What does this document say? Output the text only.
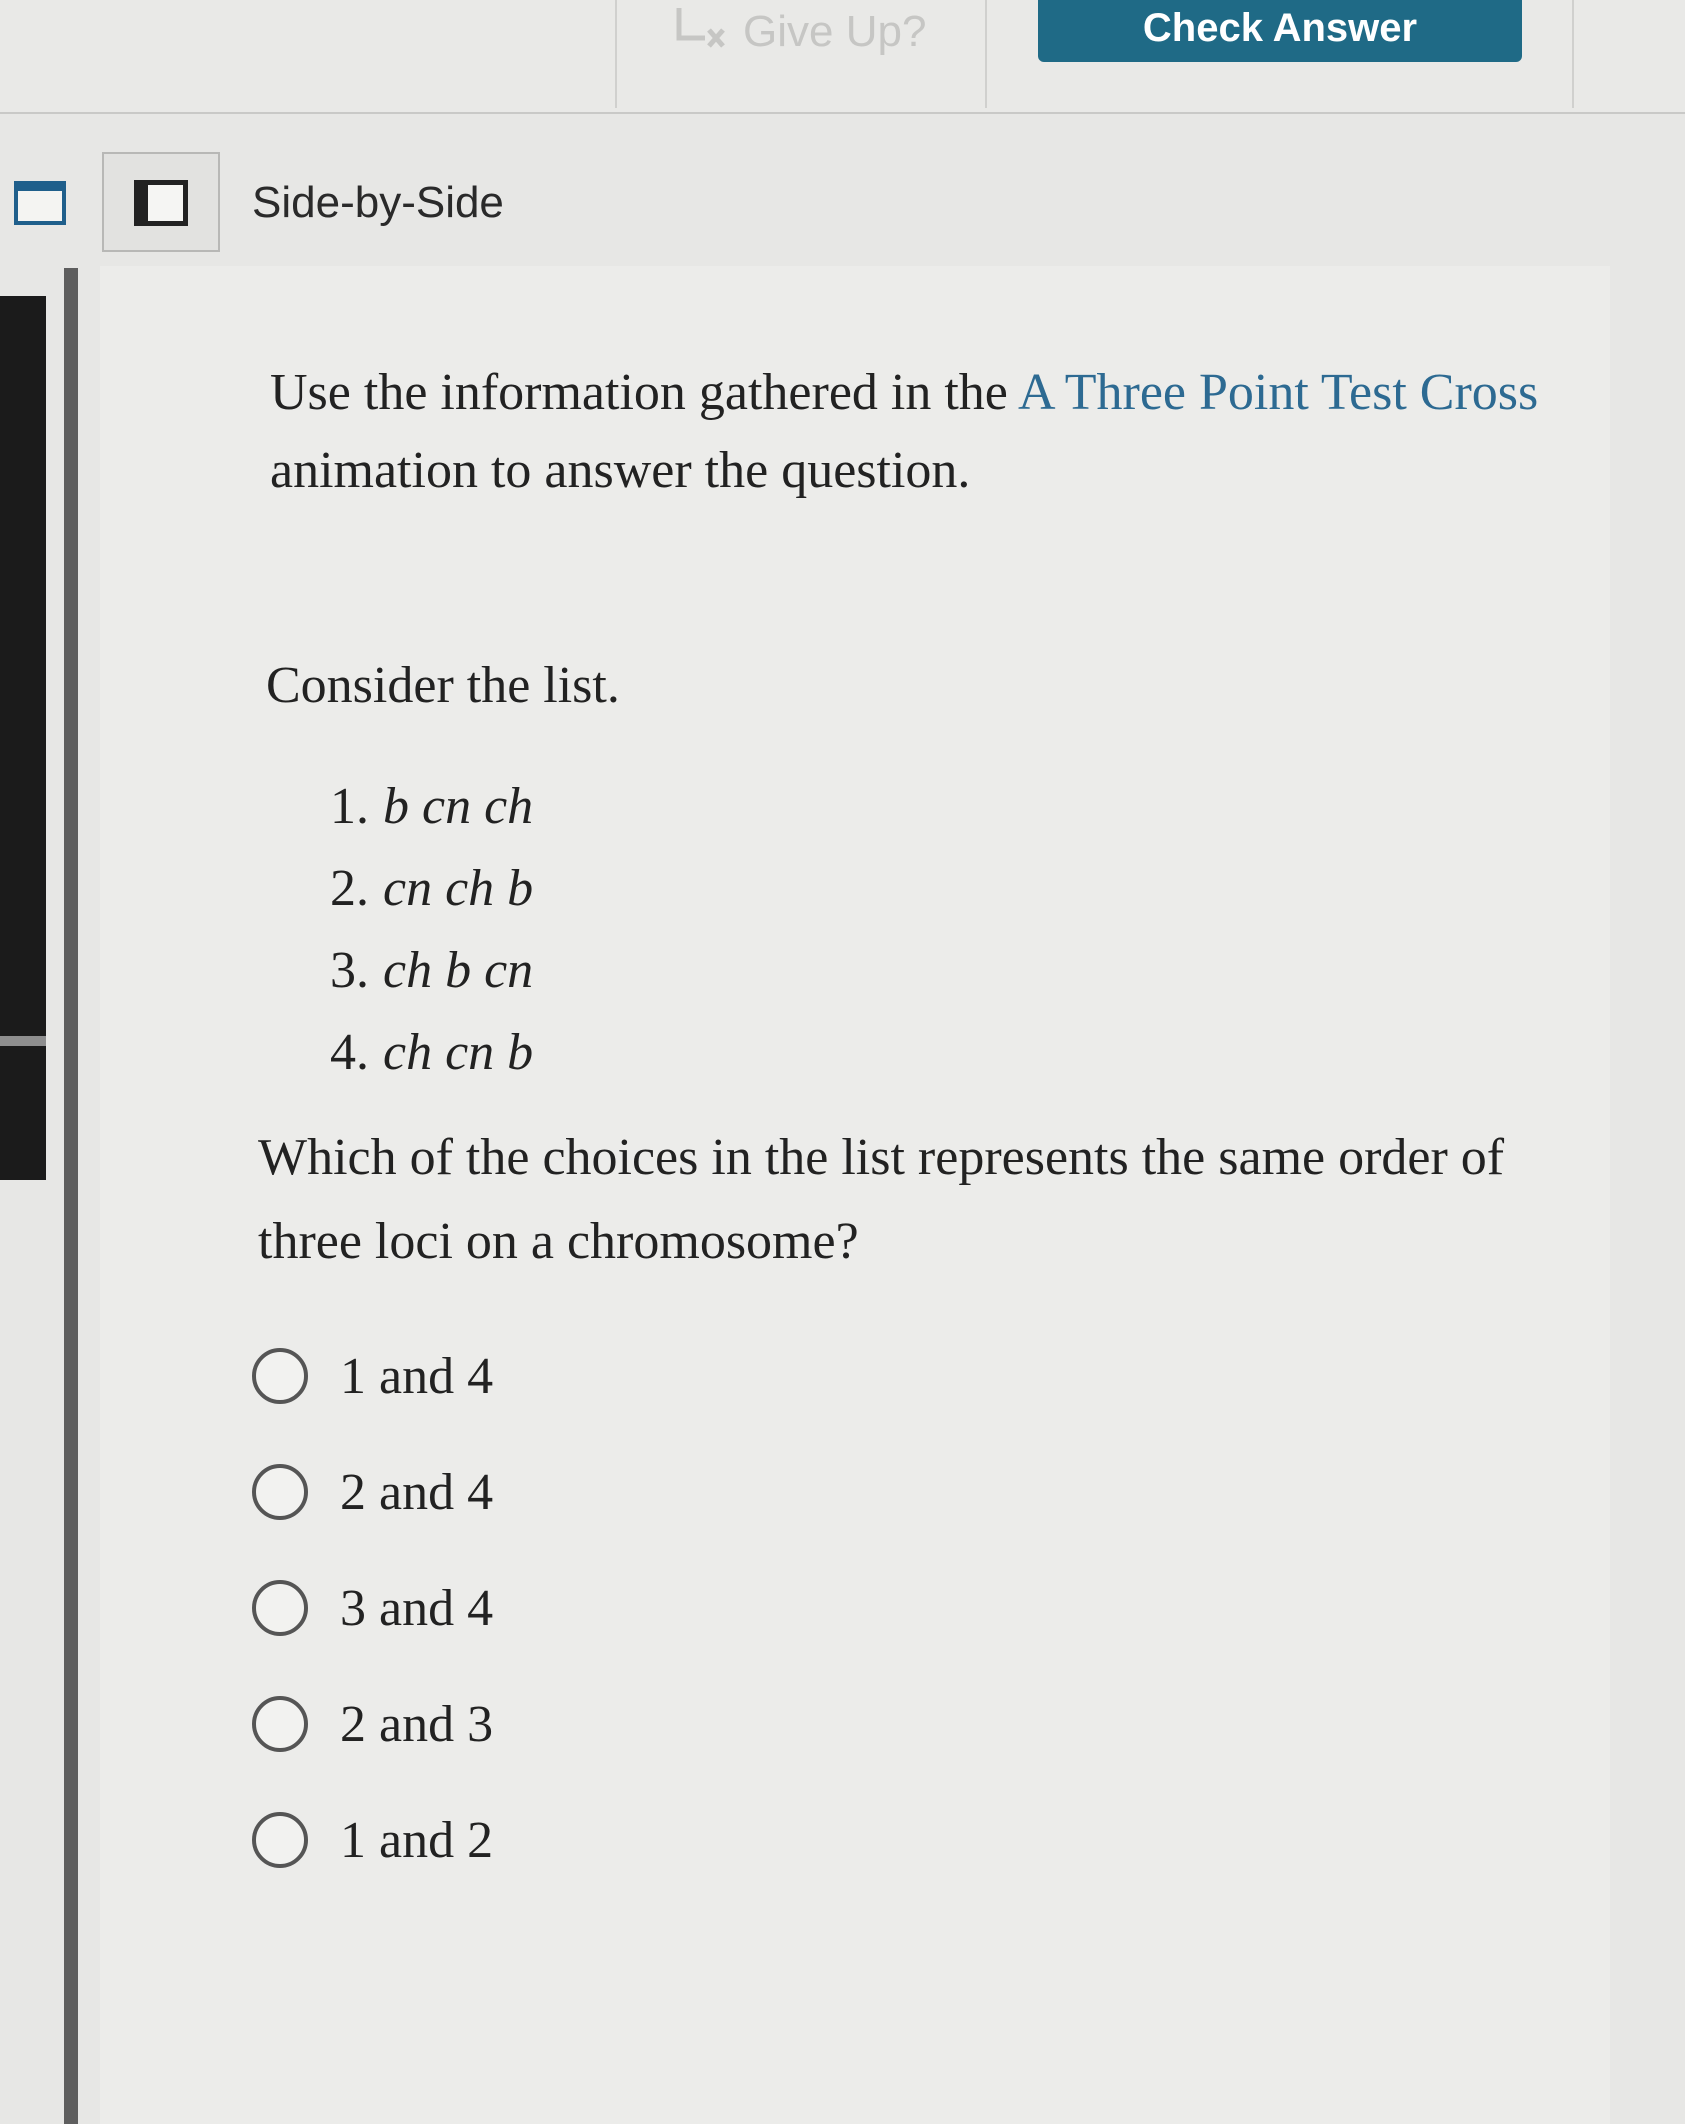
Give Up?	Check Answer
Side-by-Side
Use the information gathered in the A Three Point Test Cross animation to answer the question.
Consider the list.
1. b cn ch
2. cn ch b
3. ch b cn
4. ch cn b
Which of the choices in the list represents the same order of three loci on a chromosome?
1 and 4
2 and 4
3 and 4
2 and 3
1 and 2
